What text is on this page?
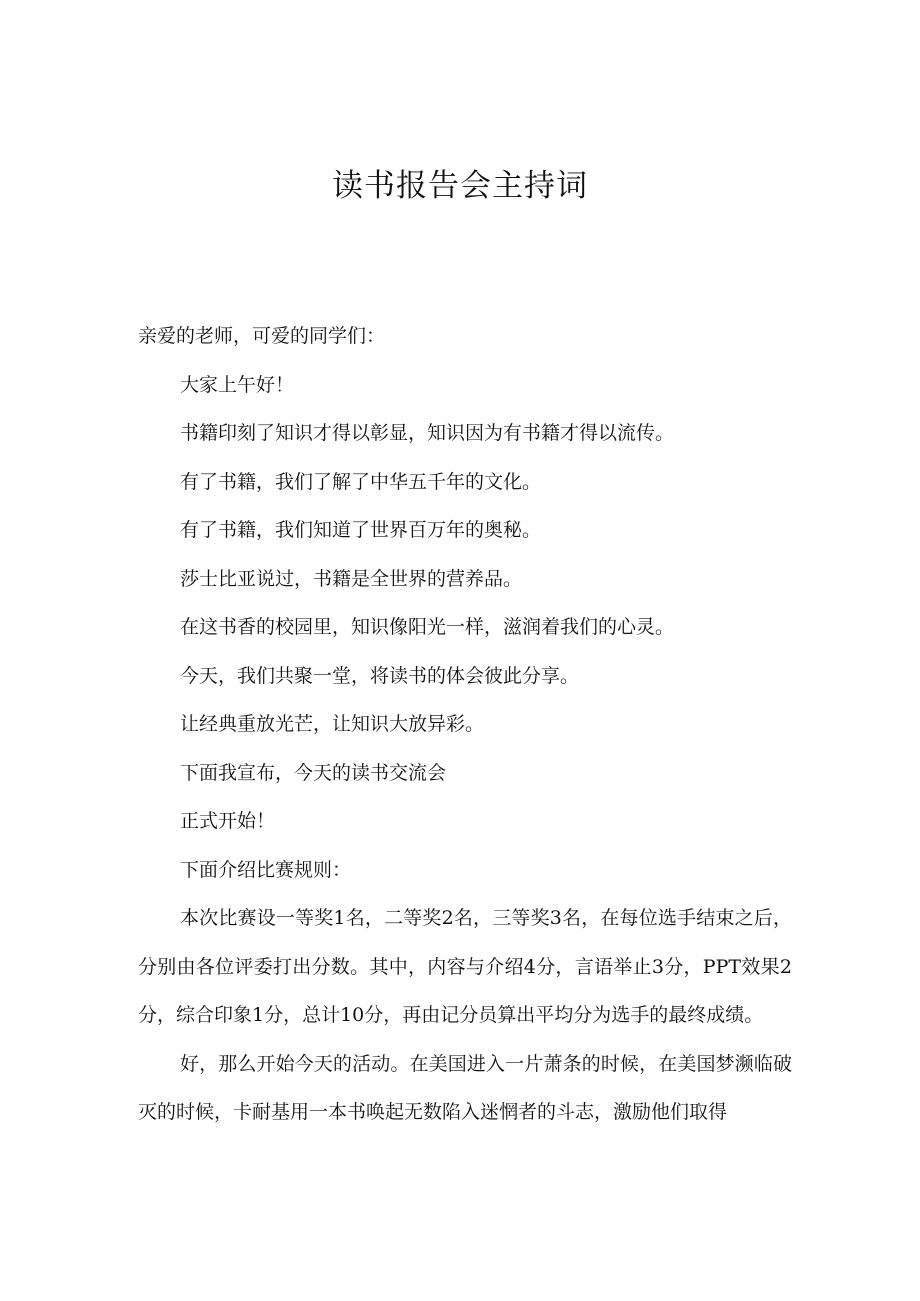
读书报告会主持词

亲爱的老师，可爱的同学们：

大家上午好！

书籍印刻了知识才得以彰显，知识因为有书籍才得以流传。

有了书籍，我们了解了中华五千年的文化。

有了书籍，我们知道了世界百万年的奥秘。

莎士比亚说过，书籍是全世界的营养品。

在这书香的校园里，知识像阳光一样，滋润着我们的心灵。

今天，我们共聚一堂，将读书的体会彼此分享。

让经典重放光芒，让知识大放异彩。

下面我宣布，今天的读书交流会

正式开始！

下面介绍比赛规则：

本次比赛设一等奖1名，二等奖2名，三等奖3名，在每位选手结束之后，分别由各位评委打出分数。其中，内容与介绍4分，言语举止3分，PPT效果2分，综合印象1分，总计10分，再由记分员算出平均分为选手的最终成绩。

好，那么开始今天的活动。在美国进入一片萧条的时候，在美国梦濒临破灭的时候，卡耐基用一本书唤起无数陷入迷惘者的斗志，激励他们取得
